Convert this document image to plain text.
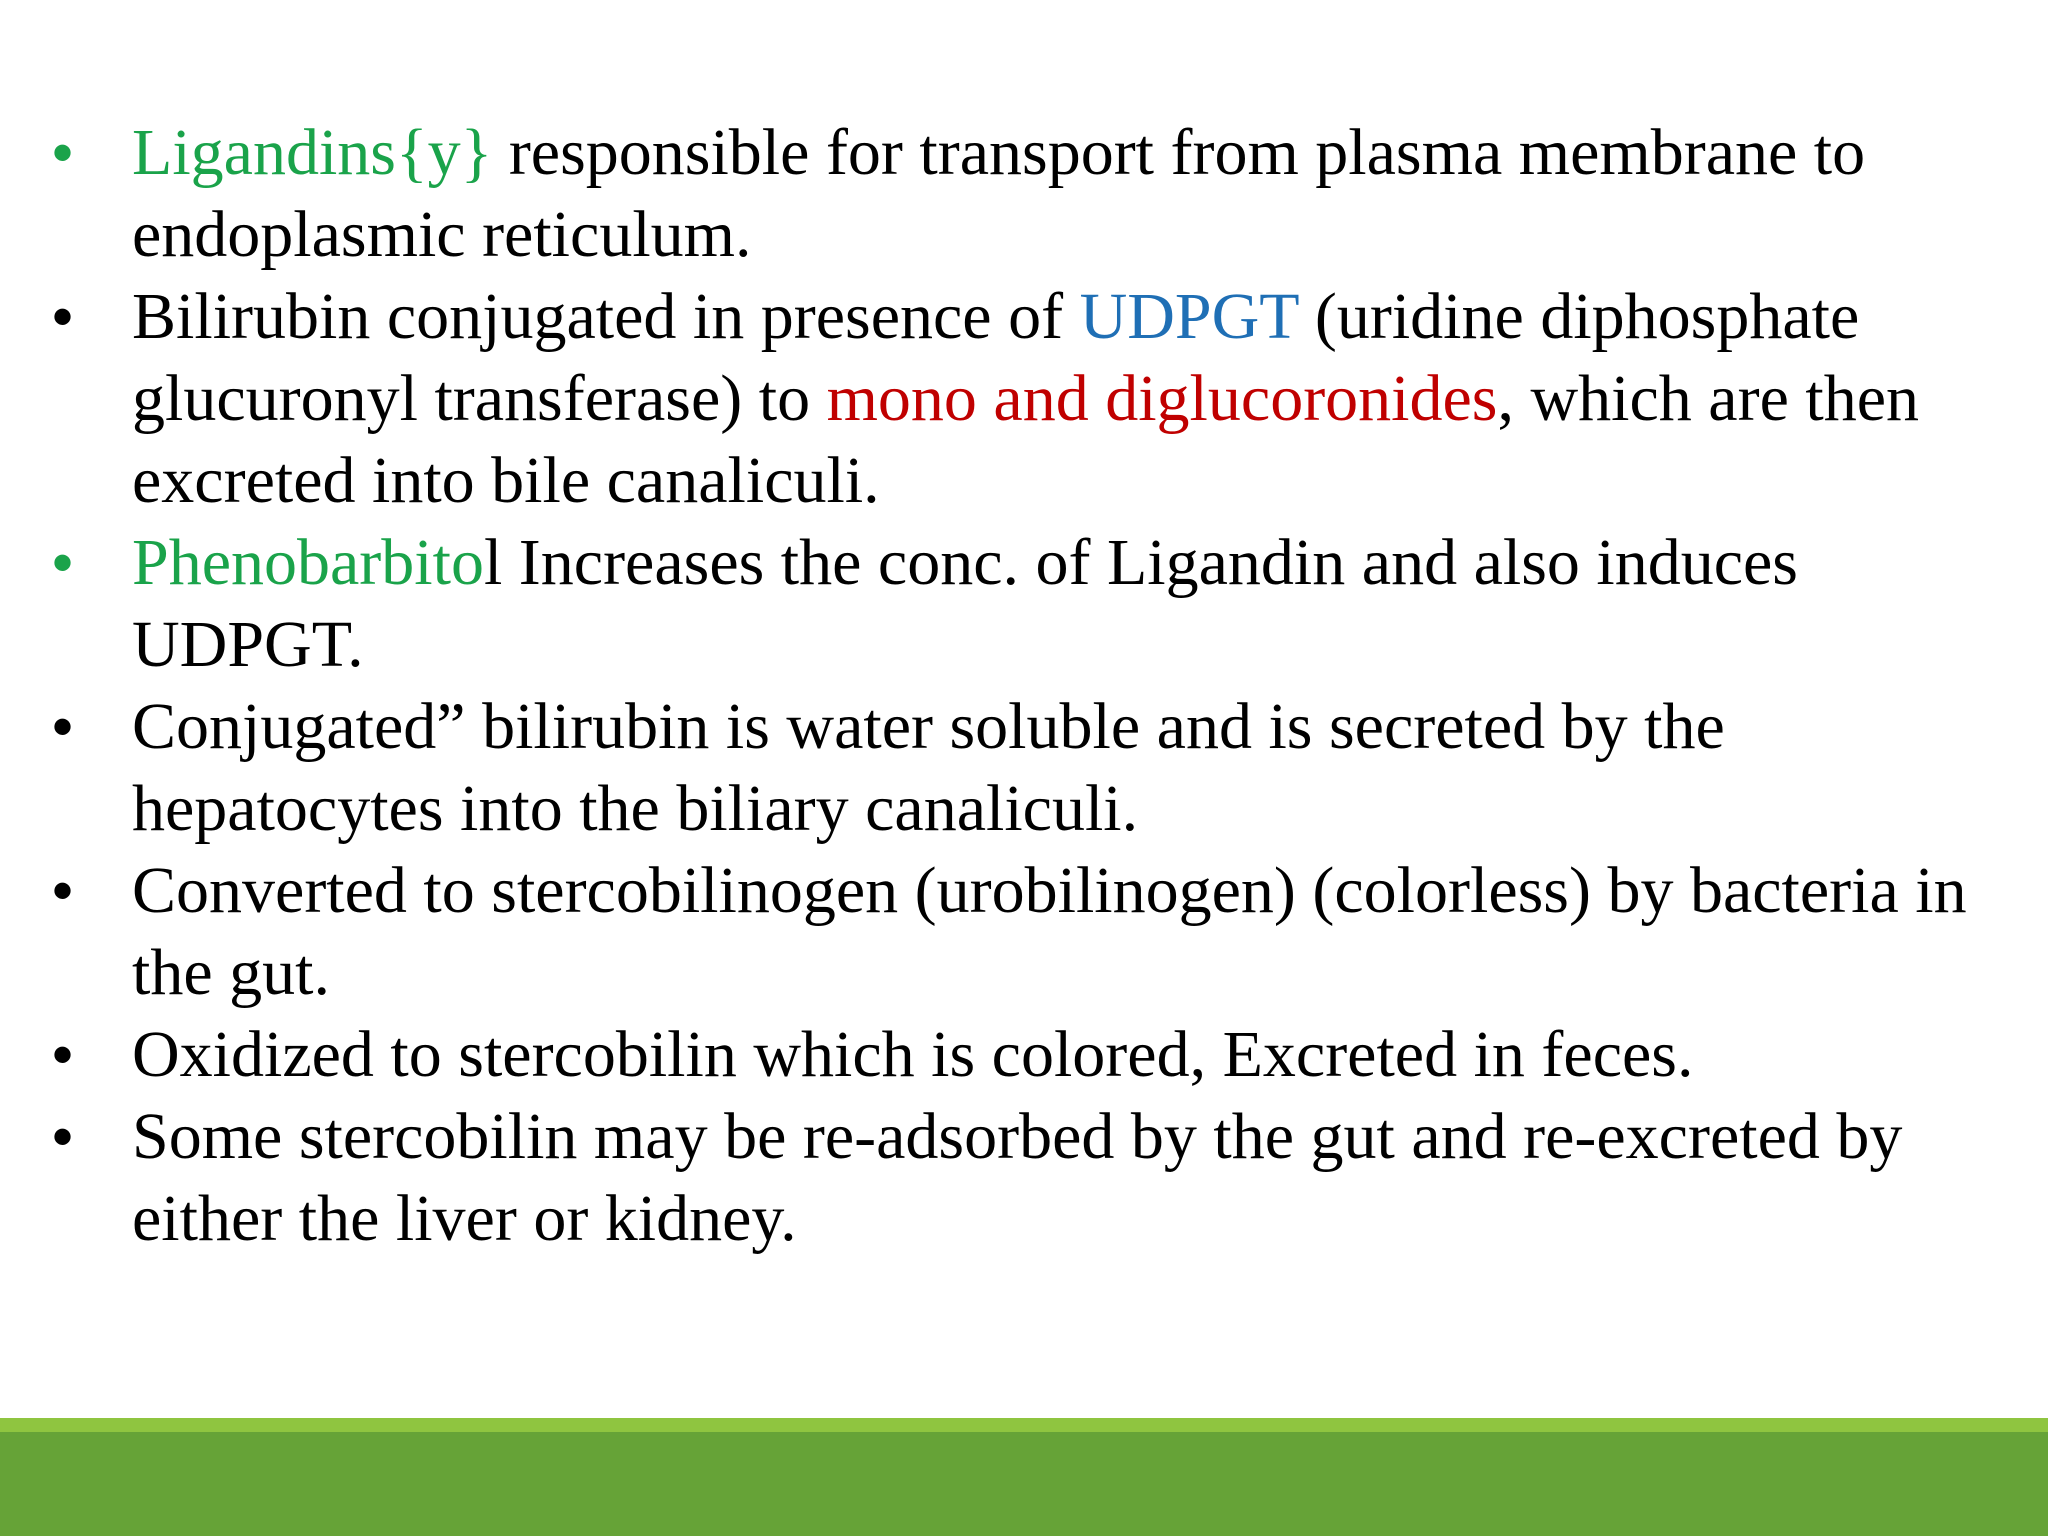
• Ligandins{y} responsible for transport from plasma membrane to endoplasmic reticulum.
• Bilirubin conjugated in presence of UDPGT (uridine diphosphate glucuronyl transferase) to mono and diglucoronides, which are then excreted into bile canaliculi.
• Phenobarbitol Increases the conc. of Ligandin and also induces UDPGT.
• Conjugated” bilirubin is water soluble and is secreted by the hepatocytes into the biliary canaliculi.
• Converted to stercobilinogen (urobilinogen) (colorless) by bacteria in the gut.
• Oxidized to stercobilin which is colored, Excreted in feces.
• Some stercobilin may be re-adsorbed by the gut and re-excreted by either the liver or kidney.
